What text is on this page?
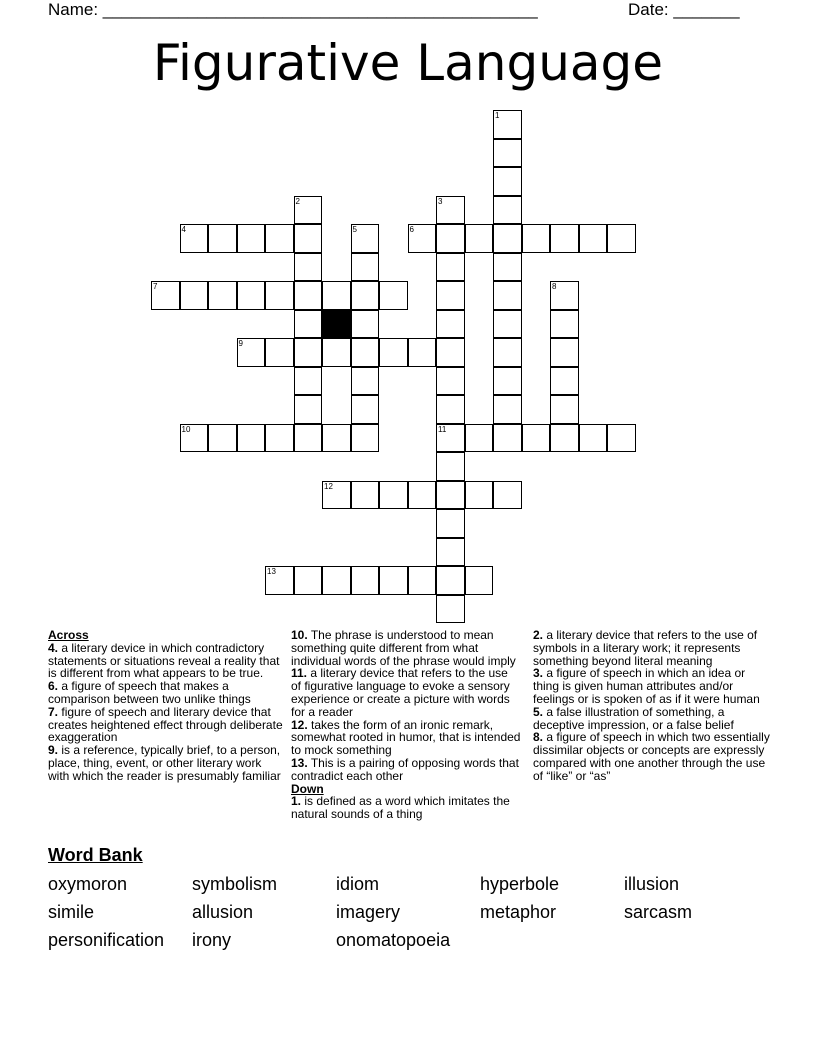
Name: ______________________________________________	Date: _______
Figurative Language
1
2	3
11
4	5	6
7	8
9
10
12
13

Across

4. a literary device in which contradictory statements or situations reveal a reality that is different from what appears to be true.

6. a figure of speech that makes a comparison between two unlike things

7. figure of speech and literary device that creates heightened effect through deliberate exaggeration

9. is a reference, typically brief, to a person, place, thing, event, or other literary work with which the reader is presumably familiar

10. The phrase is understood to mean something quite different from what individual words of the phrase would imply

11. a literary device that refers to the use of figurative language to evoke a sensory experience or create a picture with words for a reader

12. takes the form of an ironic remark, somewhat rooted in humor, that is intended to mock something

13. This is a pairing of opposing words that contradict each other

Down

1. is defined as a word which imitates the natural sounds of a thing

2. a literary device that refers to the use of symbols in a literary work; it represents something beyond literal meaning

3. a figure of speech in which an idea or thing is given human attributes and/or feelings or is spoken of as if it were human

5. a false illustration of something, a deceptive impression, or a false belief

8. a figure of speech in which two essentially dissimilar objects or concepts are expressly compared with one another through the use of “like” or “as”

Word Bank
oxymoron	symbolism	idiom	hyperbole	illusion
simile	allusion	imagery	metaphor	sarcasm
personification irony	onomatopoeia
